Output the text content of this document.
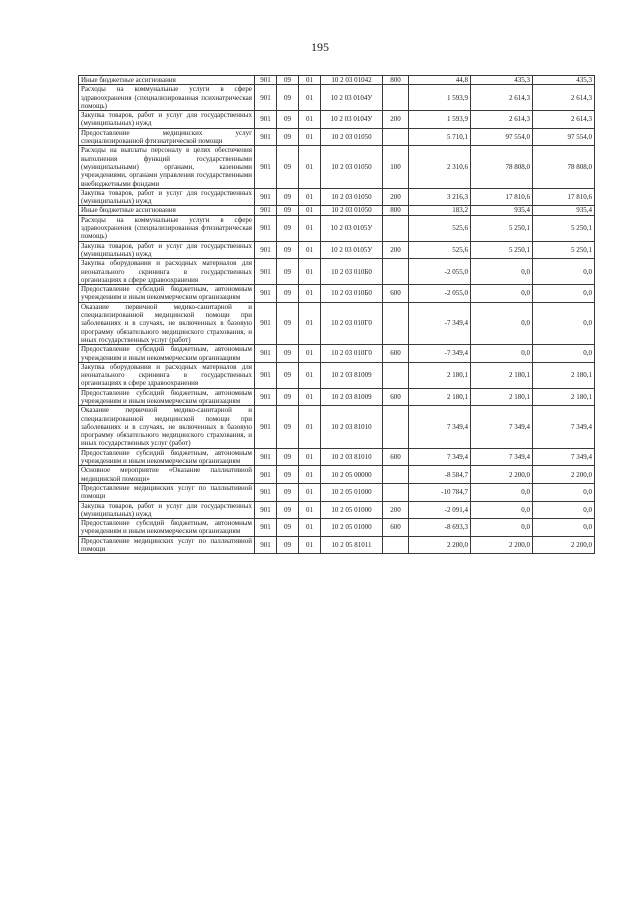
195
Иные бюджетные ассигнования	901	09	01	10 2 03 01042	800	44,8	435,3	435,3
Расходы на коммунальные услуги в сфере здравоохранения (специализированная психиатрическая помощь)	901	09	01	10 2 03 0104У		1 593,9	2 614,3	2 614,3
Закупка товаров, работ и услуг для государственных (муниципальных) нужд	901	09	01	10 2 03 0104У	200	1 593,9	2 614,3	2 614,3
Предоставление медицинских услуг специализированной фтизиатрической помощи	901	09	01	10 2 03 01050		5 710,1	97 554,0	97 554,0
Расходы на выплаты персоналу в целях обеспечения выполнения функций государственными (муниципальными) органами, казенными учреждениями, органами управления государственными внебюджетными фондами	901	09	01	10 2 03 01050	100	2 310,6	78 808,0	78 808,0
Закупка товаров, работ и услуг для государственных (муниципальных) нужд	901	09	01	10 2 03 01050	200	3 216,3	17 810,6	17 810,6
Иные бюджетные ассигнования	901	09	01	10 2 03 01050	800	183,2	935,4	935,4
Расходы на коммунальные услуги в сфере здравоохранения (специализированная фтизиатрическая помощь)	901	09	01	10 2 03 0105У		525,6	5 250,1	5 250,1
Закупка товаров, работ и услуг для государственных (муниципальных) нужд	901	09	01	10 2 03 0105У	200	525,6	5 250,1	5 250,1
Закупка оборудования и расходных материалов для неонатального скрининга в государственных организациях в сфере здравоохранения	901	09	01	10 2 03 010Б0		-2 055,0	0,0	0,0
Предоставление субсидий бюджетным, автономным учреждениям и иным некоммерческим организациям	901	09	01	10 2 03 010Б0	600	-2 055,0	0,0	0,0
Оказание первичной медико-санитарной и специализированной медицинской помощи при заболеваниях и в случаях, не включенных в базовую программу обязательного медицинского страхования, и иных государственных услуг (работ)	901	09	01	10 2 03 010Г0		-7 349,4	0,0	0,0
Предоставление субсидий бюджетным, автономным учреждениям и иным некоммерческим организациям	901	09	01	10 2 03 010Г0	600	-7 349,4	0,0	0,0
Закупка оборудования и расходных материалов для неонатального скрининга в государственных организациях в сфере здравоохранения	901	09	01	10 2 03 81009		2 180,1	2 180,1	2 180,1
Предоставление субсидий бюджетным, автономным учреждениям и иным некоммерческим организациям	901	09	01	10 2 03 81009	600	2 180,1	2 180,1	2 180,1
Оказание первичной медико-санитарной и специализированной медицинской помощи при заболеваниях и в случаях, не включенных в базовую программу обязательного медицинского страхования, и иных государственных услуг (работ)	901	09	01	10 2 03 81010		7 349,4	7 349,4	7 349,4
Предоставление субсидий бюджетным, автономным учреждениям и иным некоммерческим организациям	901	09	01	10 2 03 81010	600	7 349,4	7 349,4	7 349,4
Основное мероприятие «Оказание паллиативной медицинской помощи»	901	09	01	10 2 05 00000		-8 584,7	2 200,0	2 200,0
Предоставление медицинских услуг по паллиативной помощи	901	09	01	10 2 05 01000		-10 784,7	0,0	0,0
Закупка товаров, работ и услуг для государственных (муниципальных) нужд	901	09	01	10 2 05 01000	200	-2 091,4	0,0	0,0
Предоставление субсидий бюджетным, автономным учреждениям и иным некоммерческим организациям	901	09	01	10 2 05 01000	600	-8 693,3	0,0	0,0
Предоставление медицинских услуг по паллиативной помощи	901	09	01	10 2 05 81011		2 200,0	2 200,0	2 200,0
